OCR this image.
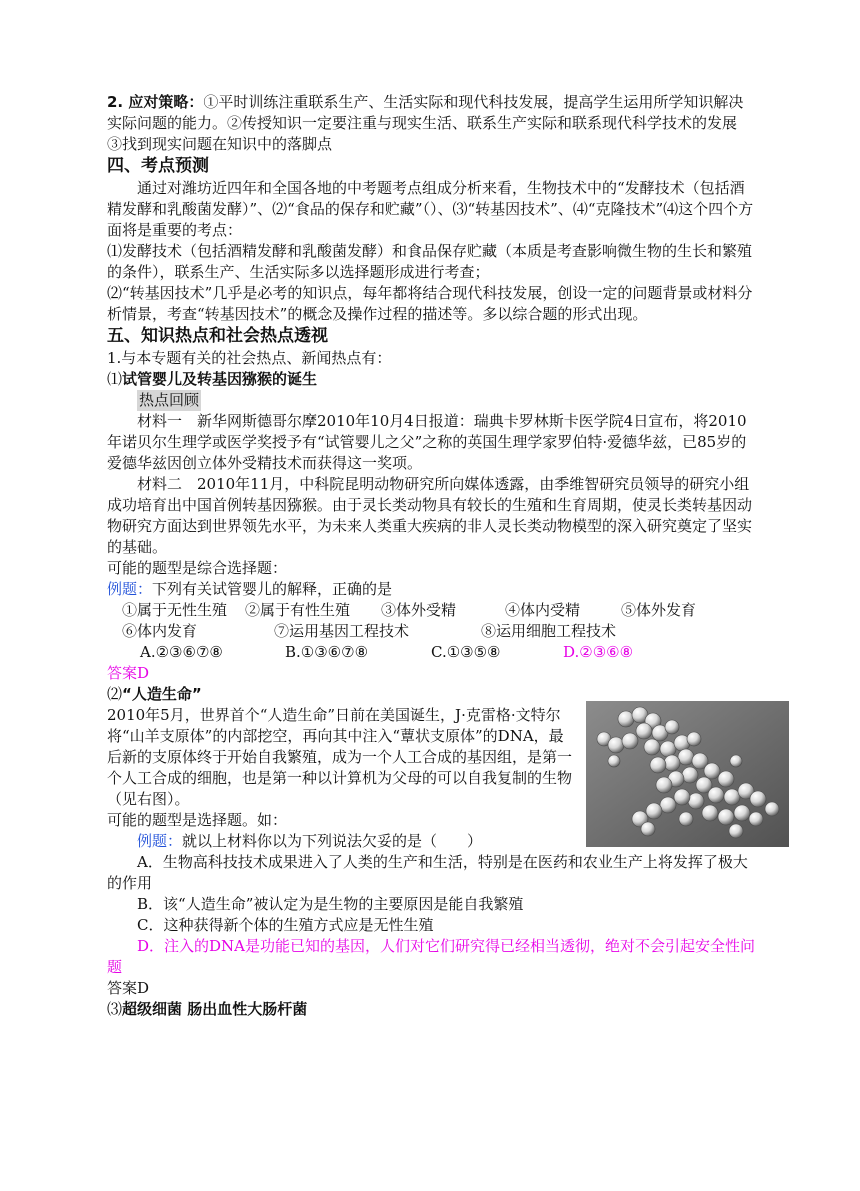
2. 应对策略：①平时训练注重联系生产、生活实际和现代科技发展，提高学生运用所学知识解决实际问题的能力。②传授知识一定要注重与现实生活、联系生产实际和联系现代科学技术的发展

③找到现实问题在知识中的落脚点

四、考点预测

通过对潍坊近四年和全国各地的中考题考点组成分析来看，生物技术中的“发酵技术（包括酒精发酵和乳酸菌发酵）”、⑵“食品的保存和贮藏”（）、⑶“转基因技术”、⑷“克隆技术”⑷这个四个方面将是重要的考点：

⑴发酵技术（包括酒精发酵和乳酸菌发酵）和食品保存贮藏（本质是考查影响微生物的生长和繁殖的条件），联系生产、生活实际多以选择题形成进行考查；

⑵“转基因技术”几乎是必考的知识点，每年都将结合现代科技发展，创设一定的问题背景或材料分析情景，考查“转基因技术”的概念及操作过程的描述等。多以综合题的形式出现。

五、知识热点和社会热点透视

1.与本专题有关的社会热点、新闻热点有：

⑴试管婴儿及转基因猕猴的诞生

热点回顾

材料一　新华网斯德哥尔摩2010年10月4日报道：瑞典卡罗林斯卡医学院4日宣布，将2010年诺贝尔生理学或医学奖授予有“试管婴儿之父”之称的英国生理学家罗伯特·爱德华兹，已85岁的爱德华兹因创立体外受精技术而获得这一奖项。

材料二　2010年11月，中科院昆明动物研究所向媒体透露，由季维智研究员领导的研究小组成功培育出中国首例转基因猕猴。由于灵长类动物具有较长的生殖和生育周期，使灵长类转基因动物研究方面达到世界领先水平，为未来人类重大疾病的非人灵长类动物模型的深入研究奠定了坚实的基础。

可能的题型是综合选择题：

例题：下列有关试管婴儿的解释，正确的是

①属于无性生殖	②属于有性生殖	③体外受精	④体内受精	⑤体外发育
⑥体内发育	⑦运用基因工程技术	⑧运用细胞工程技术
A.②③⑥⑦⑧	B.①③⑥⑦⑧	C.①③⑤⑧	D.②③⑥⑧

答案D

⑵“人造生命”

2010年5月，世界首个“人造生命”日前在美国诞生，J·克雷格·文特尔将“山羊支原体”的内部挖空，再向其中注入“蕈状支原体”的DNA，最后新的支原体终于开始自我繁殖，成为一个人工合成的基因组，是第一个人工合成的细胞，也是第一种以计算机为父母的可以自我复制的生物（见右图）。

可能的题型是选择题。如：

例题：就以上材料你以为下列说法欠妥的是（　　）

A．生物高科技技术成果进入了人类的生产和生活，特别是在医药和农业生产上将发挥了极大的作用

B．该“人造生命”被认定为是生物的主要原因是能自我繁殖

C．这种获得新个体的生殖方式应是无性生殖

D．注入的DNA是功能已知的基因，人们对它们研究得已经相当透彻，绝对不会引起安全性问题

答案D

⑶超级细菌 肠出血性大肠杆菌
